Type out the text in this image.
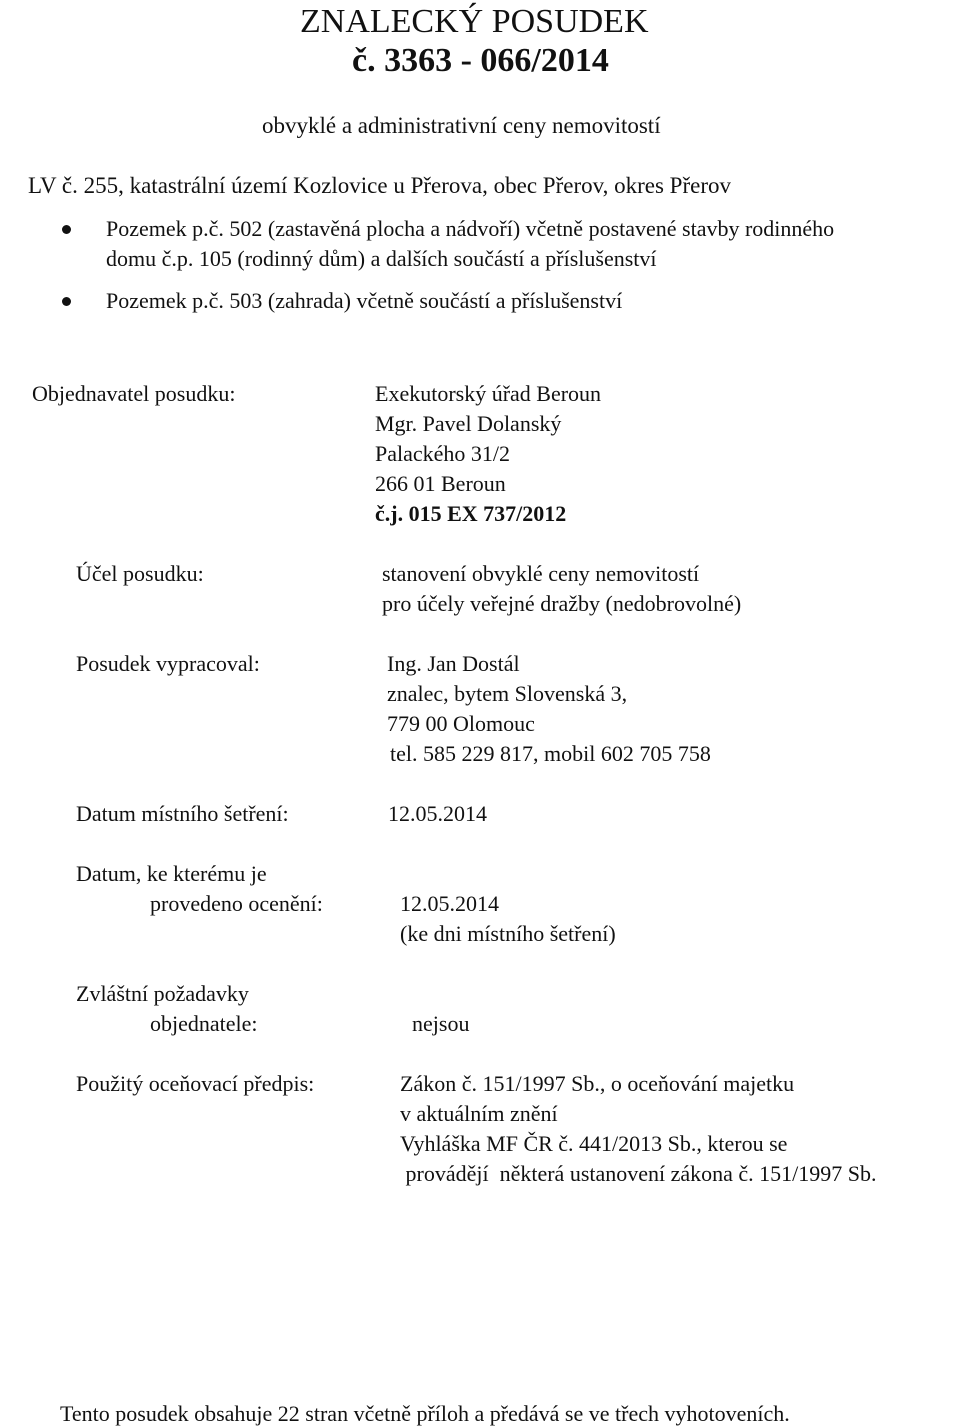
ZNALECKÝ POSUDEK
č. 3363 - 066/2014
obvyklé a administrativní ceny nemovitostí
LV č. 255, katastrální území Kozlovice u Přerova, obec Přerov, okres Přerov
Pozemek p.č. 502 (zastavěná plocha a nádvoří) včetně postavené stavby rodinného
domu č.p. 105 (rodinný dům) a dalších součástí a příslušenství
Pozemek p.č. 503 (zahrada) včetně součástí a příslušenství
Objednavatel posudku:	Exekutorský úřad Beroun
Mgr. Pavel Dolanský
Palackého 31/2
266 01 Beroun
č.j. 015 EX 737/2012
Účel posudku:	stanovení obvyklé ceny nemovitostí
pro účely veřejné dražby (nedobrovolné)
Posudek vypracoval:	Ing. Jan Dostál
znalec, bytem Slovenská 3,
779 00 Olomouc
tel. 585 229 817, mobil 602 705 758
Datum místního šetření:	12.05.2014
Datum, ke kterému je
provedeno ocenění:	12.05.2014
(ke dni místního šetření)
Zvláštní požadavky
objednatele:	nejsou
Použitý oceňovací předpis:	Zákon č. 151/1997 Sb., o oceňování majetku
v aktuálním znění
Vyhláška MF ČR č. 441/2013 Sb., kterou se
provádějí  některá ustanovení zákona č. 151/1997 Sb.
Tento posudek obsahuje 22 stran včetně příloh a předává se ve třech vyhotoveních.
